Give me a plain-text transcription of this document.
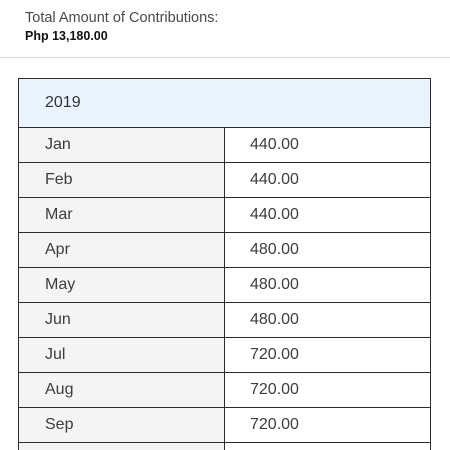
Total Amount of Contributions:
Php 13,180.00
2019
Jan	440.00
Feb	440.00
Mar	440.00
Apr	480.00
May	480.00
Jun	480.00
Jul	720.00
Aug	720.00
Sep	720.00
